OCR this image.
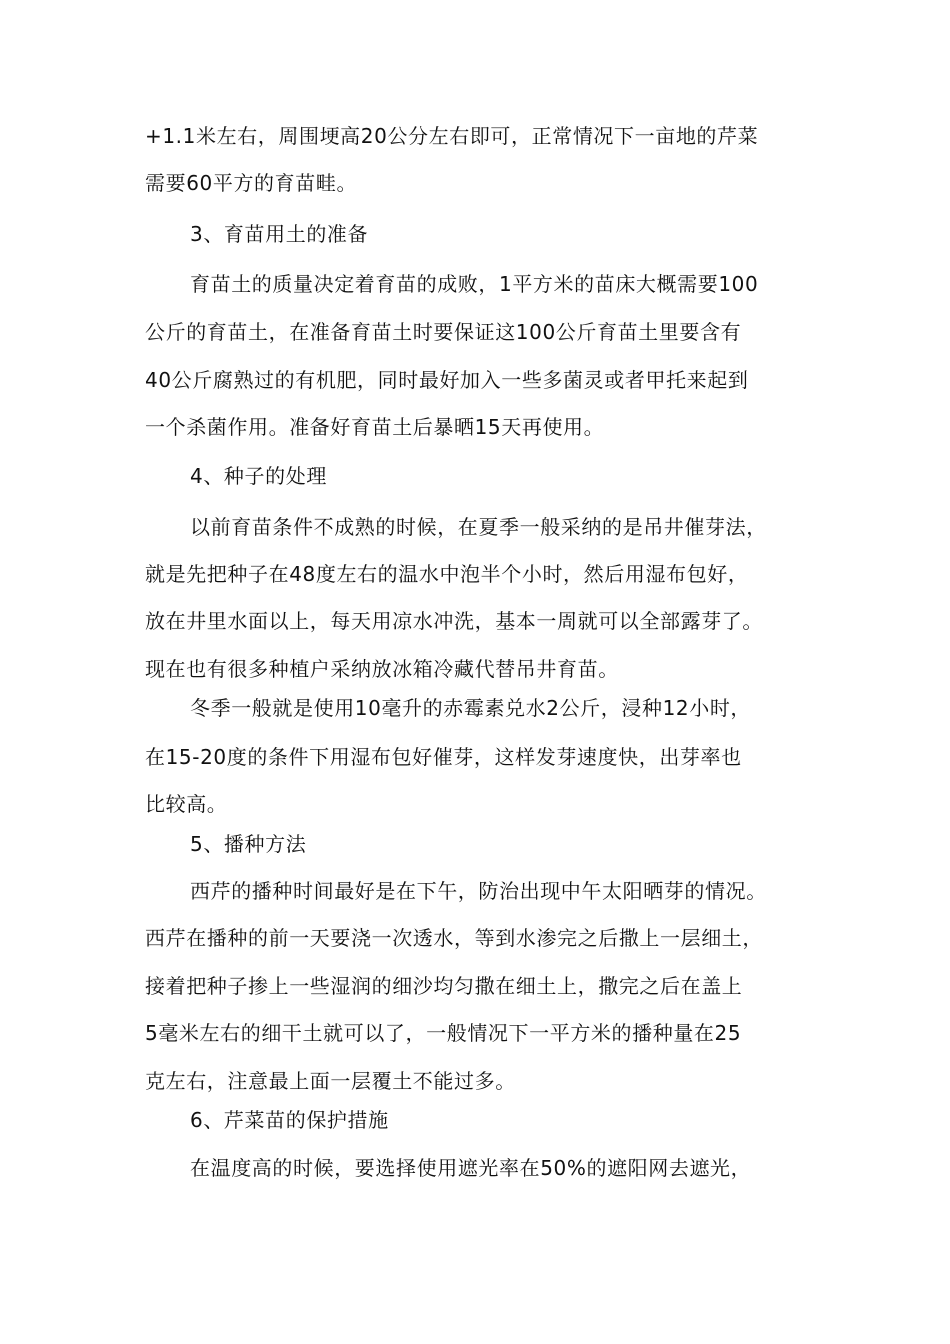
+1.1米左右，周围埂高20公分左右即可，正常情况下一亩地的芹菜
需要60平方的育苗畦。
3、育苗用土的准备
育苗土的质量决定着育苗的成败，1平方米的苗床大概需要100
公斤的育苗土，在准备育苗土时要保证这100公斤育苗土里要含有
40公斤腐熟过的有机肥，同时最好加入一些多菌灵或者甲托来起到
一个杀菌作用。准备好育苗土后暴晒15天再使用。
4、种子的处理
以前育苗条件不成熟的时候，在夏季一般采纳的是吊井催芽法，
就是先把种子在48度左右的温水中泡半个小时，然后用湿布包好，
放在井里水面以上，每天用凉水冲洗，基本一周就可以全部露芽了。
现在也有很多种植户采纳放冰箱冷藏代替吊井育苗。
冬季一般就是使用10毫升的赤霉素兑水2公斤，浸种12小时，
在15-20度的条件下用湿布包好催芽，这样发芽速度快，出芽率也
比较高。
5、播种方法
西芹的播种时间最好是在下午，防治出现中午太阳晒芽的情况。
西芹在播种的前一天要浇一次透水，等到水渗完之后撒上一层细土，
接着把种子掺上一些湿润的细沙均匀撒在细土上，撒完之后在盖上
5毫米左右的细干土就可以了，一般情况下一平方米的播种量在25
克左右，注意最上面一层覆土不能过多。
6、芹菜苗的保护措施
在温度高的时候，要选择使用遮光率在50%的遮阳网去遮光，
